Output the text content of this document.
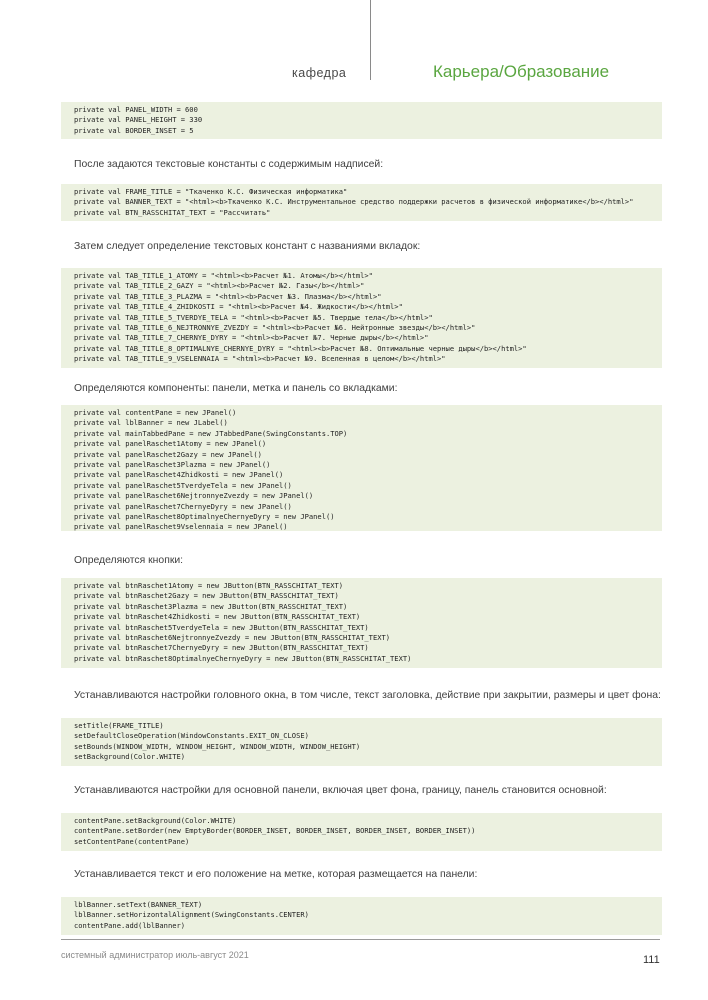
кафедра	Карьера/Образование
private val PANEL_WIDTH = 600
private val PANEL_HEIGHT = 330
private val BORDER_INSET = 5
После задаются текстовые константы с содержимым надписей:
private val FRAME_TITLE = "Ткаченко К.С. Физическая информатика"
private val BANNER_TEXT = "<html><b>Ткаченко К.С. Инструментальное средство поддержки расчетов в физической информатике</b></html>"
private val BTN_RASSCHITAT_TEXT = "Рассчитать"
Затем следует определение текстовых констант с названиями вкладок:
private val TAB_TITLE_1_ATOMY = "<html><b>Расчет №1. Атомы</b></html>"
private val TAB_TITLE_2_GAZY = "<html><b>Расчет №2. Газы</b></html>"
private val TAB_TITLE_3_PLAZMA = "<html><b>Расчет №3. Плазма</b></html>"
private val TAB_TITLE_4_ZHIDKOSTI = "<html><b>Расчет №4. Жидкости</b></html>"
private val TAB_TITLE_5_TVERDYE_TELA = "<html><b>Расчет №5. Твердые тела</b></html>"
private val TAB_TITLE_6_NEJTRONNYE_ZVEZDY = "<html><b>Расчет №6. Нейтронные звезды</b></html>"
private val TAB_TITLE_7_CHERNYE_DYRY = "<html><b>Расчет №7. Черные дыры</b></html>"
private val TAB_TITLE_8_OPTIMALNYE_CHERNYE_DYRY = "<html><b>Расчет №8. Оптимальные черные дыры</b></html>"
private val TAB_TITLE_9_VSELENNAIA = "<html><b>Расчет №9. Вселенная в целом</b></html>"
Определяются компоненты: панели, метка и панель со вкладками:
private val contentPane = new JPanel()
private val lblBanner = new JLabel()
private val mainTabbedPane = new JTabbedPane(SwingConstants.TOP)
private val panelRaschet1Atomy = new JPanel()
private val panelRaschet2Gazy = new JPanel()
private val panelRaschet3Plazma = new JPanel()
private val panelRaschet4Zhidkosti = new JPanel()
private val panelRaschet5TverdyeTela = new JPanel()
private val panelRaschet6NejtronnyeZvezdy = new JPanel()
private val panelRaschet7ChernyeDyry = new JPanel()
private val panelRaschet8OptimalnyeChernyeDyry = new JPanel()
private val panelRaschet9Vselennaia = new JPanel()
Определяются кнопки:
private val btnRaschet1Atomy = new JButton(BTN_RASSCHITAT_TEXT)
private val btnRaschet2Gazy = new JButton(BTN_RASSCHITAT_TEXT)
private val btnRaschet3Plazma = new JButton(BTN_RASSCHITAT_TEXT)
private val btnRaschet4Zhidkosti = new JButton(BTN_RASSCHITAT_TEXT)
private val btnRaschet5TverdyeTela = new JButton(BTN_RASSCHITAT_TEXT)
private val btnRaschet6NejtronnyeZvezdy = new JButton(BTN_RASSCHITAT_TEXT)
private val btnRaschet7ChernyeDyry = new JButton(BTN_RASSCHITAT_TEXT)
private val btnRaschet8OptimalnyeChernyeDyry = new JButton(BTN_RASSCHITAT_TEXT)
Устанавливаются настройки головного окна, в том числе, текст заголовка, действие при закрытии, размеры и цвет фона:
setTitle(FRAME_TITLE)
setDefaultCloseOperation(WindowConstants.EXIT_ON_CLOSE)
setBounds(WINDOW_WIDTH, WINDOW_HEIGHT, WINDOW_WIDTH, WINDOW_HEIGHT)
setBackground(Color.WHITE)
Устанавливаются настройки для основной панели, включая цвет фона, границу, панель становится основной:
contentPane.setBackground(Color.WHITE)
contentPane.setBorder(new EmptyBorder(BORDER_INSET, BORDER_INSET, BORDER_INSET, BORDER_INSET))
setContentPane(contentPane)
Устанавливается текст и его положение на метке, которая размещается на панели:
lblBanner.setText(BANNER_TEXT)
lblBanner.setHorizontalAlignment(SwingConstants.CENTER)
contentPane.add(lblBanner)
системный администратор июль-август 2021	111
